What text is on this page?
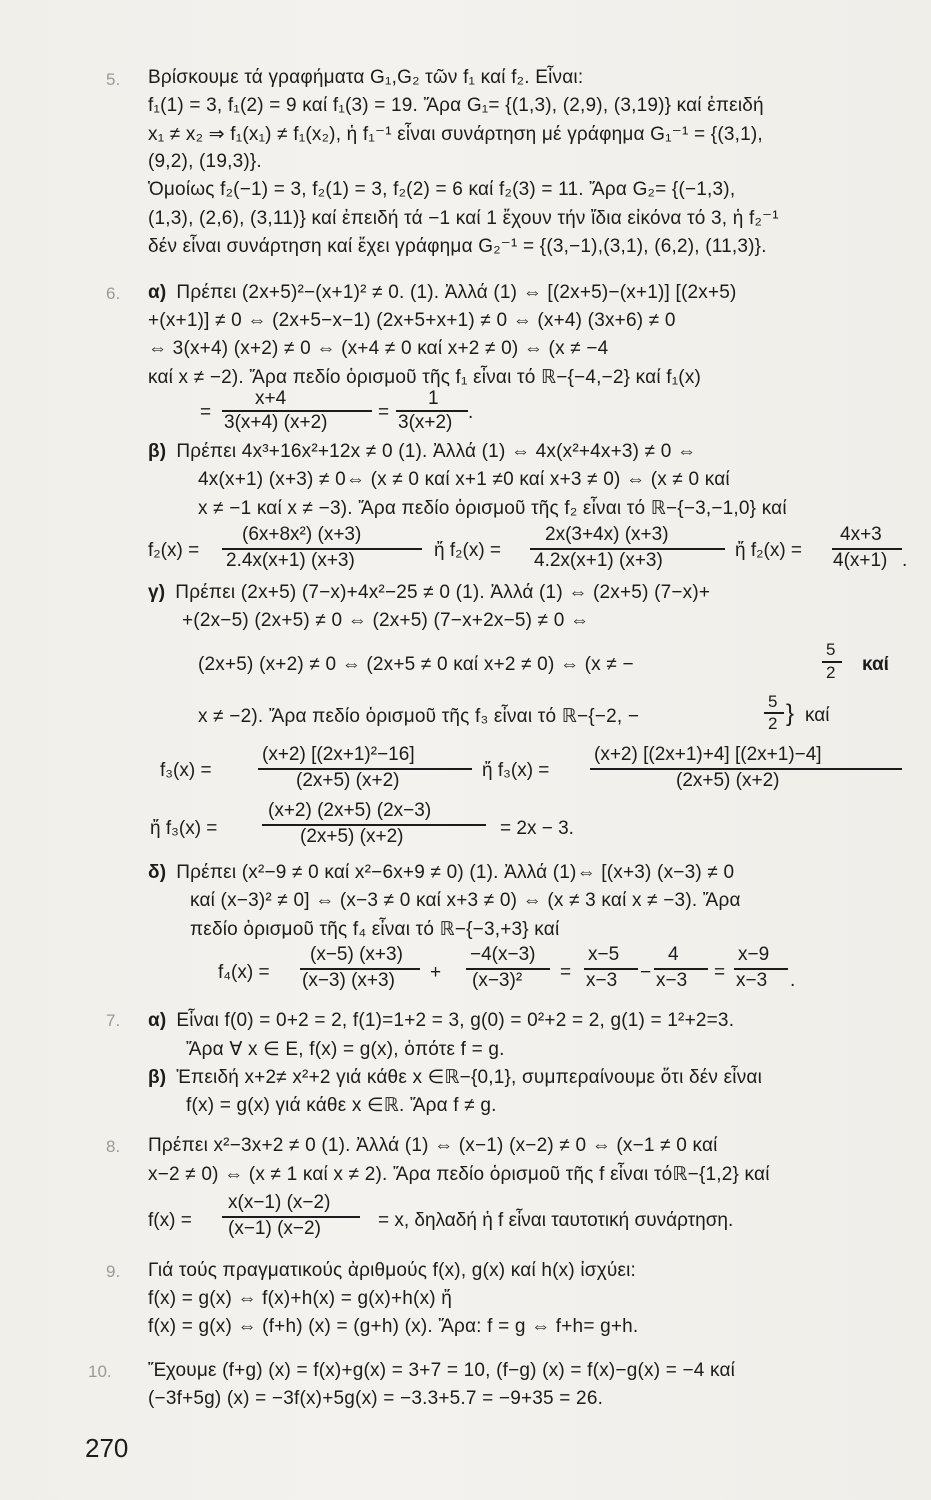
5. Βρίσκουμε τά γραφήματα G₁,G₂ τῶν f₁ καί f₂. Εἶναι:
f₁(1) = 3, f₁(2) = 9 καί f₁(3) = 19. Ἄρα G₁= {(1,3), (2,9), (3,19)} καί ἐπειδή
x₁ ≠ x₂ ⇒ f₁(x₁) ≠ f₁(x₂), ἡ f₁⁻¹ εἶναι συνάρτηση μέ γράφημα G₁⁻¹ = {(3,1),
(9,2), (19,3)}.
Ὁμοίως f₂(−1) = 3, f₂(1) = 3, f₂(2) = 6 καί f₂(3) = 11. Ἄρα G₂= {(−1,3),
(1,3), (2,6), (3,11)} καί ἐπειδή τά −1 καί 1 ἔχουν τήν ἴδια εἰκόνα τό 3, ἡ f₂⁻¹
δέν εἶναι συνάρτηση καί ἔχει γράφημα G₂⁻¹ = {(3,−1),(3,1), (6,2), (11,3)}.
6. α) Πρέπει (2x+5)²−(x+1)² ≠ 0. (1). Ἀλλά (1) ⇔ [(2x+5)−(x+1)] [(2x+5)
+(x+1)] ≠ 0 ⇔ (2x+5−x−1) (2x+5+x+1) ≠ 0 ⇔ (x+4) (3x+6) ≠ 0
⇔ 3(x+4) (x+2) ≠ 0 ⇔ (x+4 ≠ 0 καί x+2 ≠ 0) ⇔ (x ≠ −4
καί x ≠ −2). Ἄρα πεδίο ὁρισμοῦ τῆς f₁ εἶναι τό ℝ−{−4,−2} καί f₁(x)
=
x+4
3(x+4) (x+2)	=
1
3(x+2) .
β) Πρέπει 4x³+16x²+12x ≠ 0 (1). Ἀλλά (1) ⇔ 4x(x²+4x+3) ≠ 0 ⇔
4x(x+1) (x+3) ≠ 0⇔ (x ≠ 0 καί x+1 ≠0 καί x+3 ≠ 0) ⇔ (x ≠ 0 καί
x ≠ −1 καί x ≠ −3). Ἄρα πεδίο ὁρισμοῦ τῆς f₂ εἶναι τό ℝ−{−3,−1,0} καί
f₂(x) =
(6x+8x²) (x+3)
2.4x(x+1) (x+3)	ἤ f₂(x) =
2x(3+4x) (x+3)
4.2x(x+1) (x+3)	ἤ f₂(x) =
4x+3
4(x+1) .
γ) Πρέπει (2x+5) (7−x)+4x²−25 ≠ 0 (1). Ἀλλά (1) ⇔ (2x+5) (7−x)+
+(2x−5) (2x+5) ≠ 0 ⇔ (2x+5) (7−x+2x−5) ≠ 0 ⇔
(2x+5) (x+2) ≠ 0 ⇔ (2x+5 ≠ 0 καί x+2 ≠ 0) ⇔ (x ≠ −
5
2 καί
x ≠ −2). Ἄρα πεδίο ὁρισμοῦ τῆς f₃ εἶναι τό ℝ−{−2, −
5
2 } καί
f₃(x) =
(x+2) [(2x+1)²−16]
(2x+5) (x+2)	ἤ f₃(x) =
(x+2) [(2x+1)+4] [(2x+1)−4]
(2x+5) (x+2)
ἤ f₃(x) =
(x+2) (2x+5) (2x−3)
(2x+5) (x+2)	= 2x − 3.
δ) Πρέπει (x²−9 ≠ 0 καί x²−6x+9 ≠ 0) (1). Ἀλλά (1)⇔ [(x+3) (x−3) ≠ 0
καί (x−3)² ≠ 0] ⇔ (x−3 ≠ 0 καί x+3 ≠ 0) ⇔ (x ≠ 3 καί x ≠ −3). Ἄρα
πεδίο ὁρισμοῦ τῆς f₄ εἶναι τό ℝ−{−3,+3} καί
f₄(x) =
(x−5) (x+3)
(x−3) (x+3) +
−4(x−3)
(x−3)² =
x−5
x−3 −
4
x−3 =
x−9
x−3 .
7. α) Εἶναι f(0) = 0+2 = 2, f(1)=1+2 = 3, g(0) = 0²+2 = 2, g(1) = 1²+2=3.
Ἄρα ∀ x ∈ E, f(x) = g(x), ὁπότε f = g.
β) Ἐπειδή x+2≠ x²+2 γιά κάθε x ∈ℝ−{0,1}, συμπεραίνουμε ὅτι δέν εἶναι
f(x) = g(x) γιά κάθε x ∈ℝ. Ἄρα f ≠ g.
8. Πρέπει x²−3x+2 ≠ 0 (1). Ἀλλά (1) ⇔ (x−1) (x−2) ≠ 0 ⇔ (x−1 ≠ 0 καί
x−2 ≠ 0) ⇔ (x ≠ 1 καί x ≠ 2). Ἄρα πεδίο ὁρισμοῦ τῆς f εἶναι τόℝ−{1,2} καί
f(x) =
x(x−1) (x−2)
(x−1) (x−2)	= x, δηλαδή ἡ f εἶναι ταυτοτική συνάρτηση.
9. Γιά τούς πραγματικούς ἀριθμούς f(x), g(x) καί h(x) ἰσχύει:
f(x) = g(x) ⇔ f(x)+h(x) = g(x)+h(x) ἤ
f(x) = g(x) ⇔ (f+h) (x) = (g+h) (x). Ἄρα: f = g ⇔ f+h= g+h.
10. Ἔχουμε (f+g) (x) = f(x)+g(x) = 3+7 = 10, (f−g) (x) = f(x)−g(x) = −4 καί
(−3f+5g) (x) = −3f(x)+5g(x) = −3.3+5.7 = −9+35 = 26.
270
